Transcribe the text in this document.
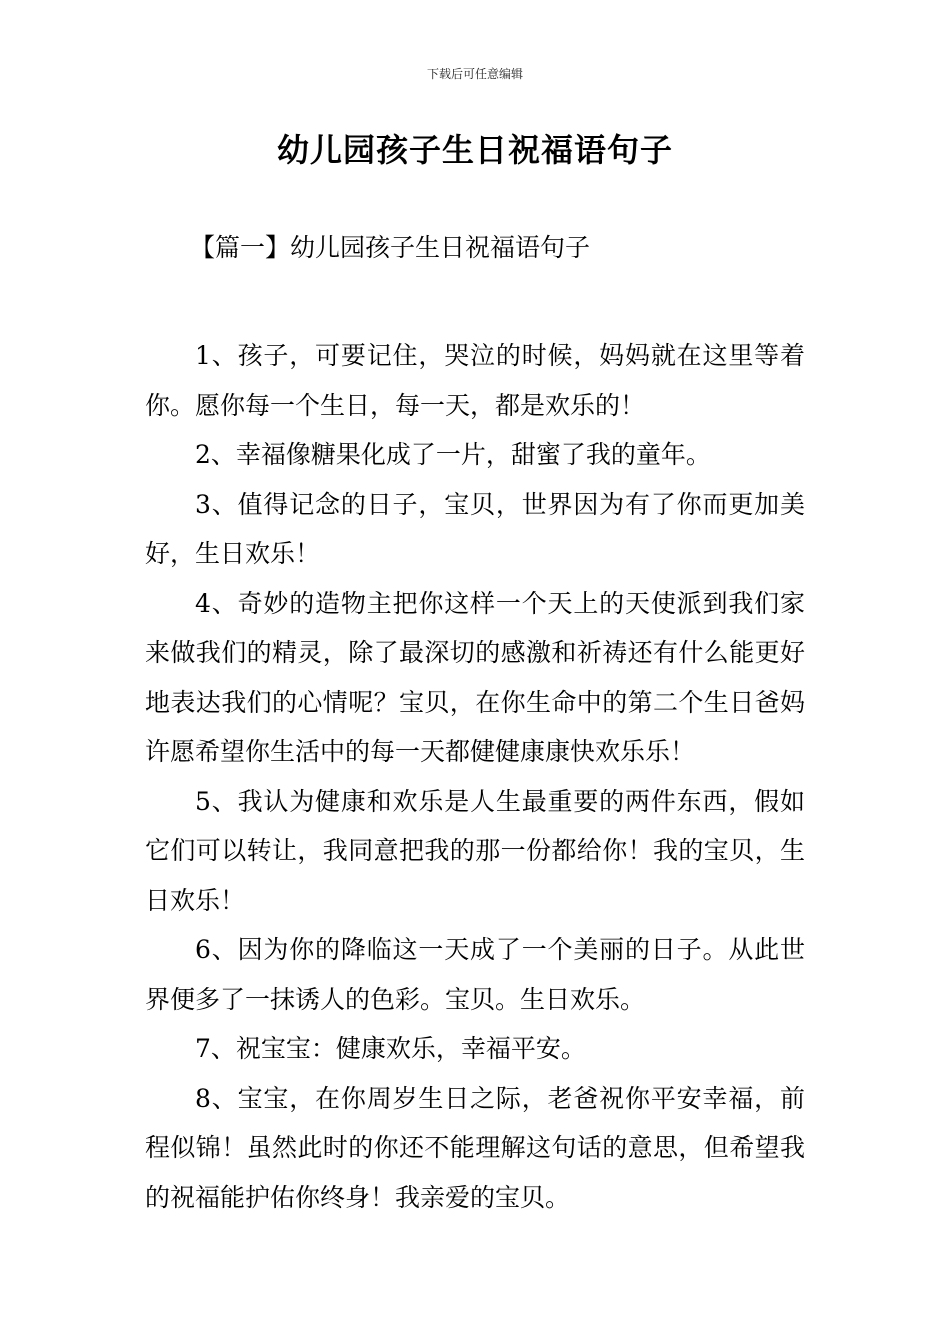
下载后可任意编辑
幼儿园孩子生日祝福语句子
【篇一】幼儿园孩子生日祝福语句子

1、孩子，可要记住，哭泣的时候，妈妈就在这里等着你。愿你每一个生日，每一天，都是欢乐的！

2、幸福像糖果化成了一片，甜蜜了我的童年。

3、值得记念的日子，宝贝，世界因为有了你而更加美好，生日欢乐！

4、奇妙的造物主把你这样一个天上的天使派到我们家来做我们的精灵，除了最深切的感激和祈祷还有什么能更好地表达我们的心情呢？宝贝，在你生命中的第二个生日爸妈许愿希望你生活中的每一天都健健康康快欢乐乐！

5、我认为健康和欢乐是人生最重要的两件东西，假如它们可以转让，我同意把我的那一份都给你！我的宝贝，生日欢乐！

6、因为你的降临这一天成了一个美丽的日子。从此世界便多了一抹诱人的色彩。宝贝。生日欢乐。

7、祝宝宝：健康欢乐，幸福平安。

8、宝宝，在你周岁生日之际，老爸祝你平安幸福，前程似锦！虽然此时的你还不能理解这句话的意思，但希望我的祝福能护佑你终身！我亲爱的宝贝。
